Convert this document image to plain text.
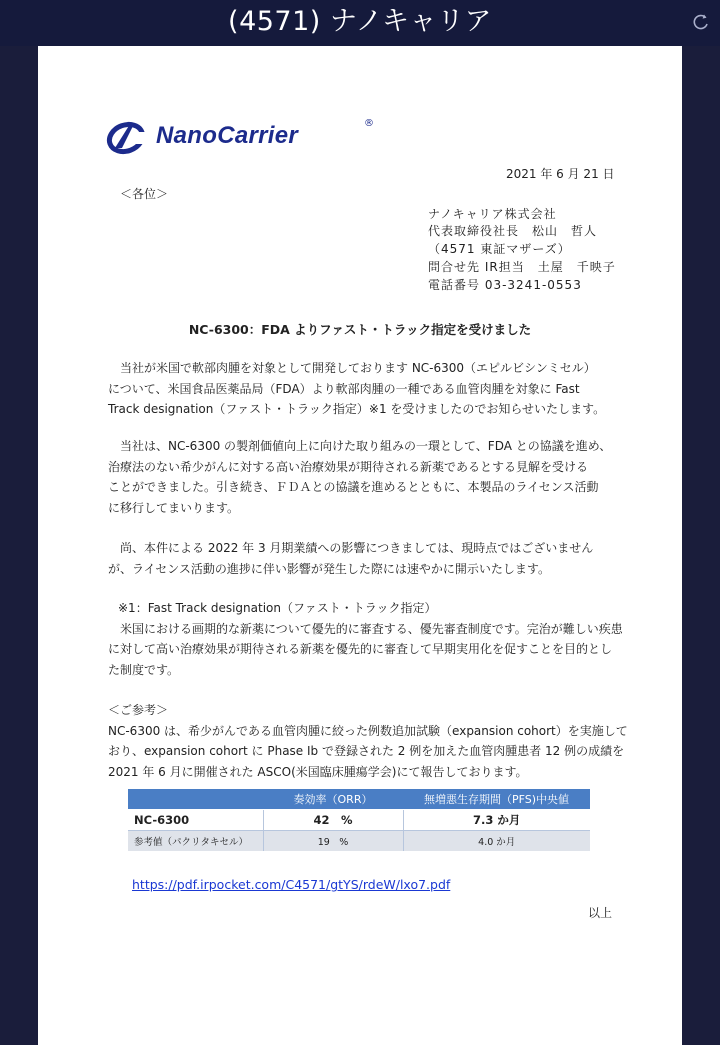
(4571) ナノキャリア
NanoCarrier	®
2021 年 6 月 21 日
＜各位＞
ナノキャリア株式会社
代表取締役社長　松山　哲人
（4571 東証マザーズ）
問合せ先 IR担当　土屋　千映子
電話番号 03-3241-0553
NC-6300：FDA よりファスト・トラック指定を受けました
当社が米国で軟部肉腫を対象として開発しております NC-6300（エピルビシンミセル）
について、米国食品医薬品局（FDA）より軟部肉腫の一種である血管肉腫を対象に Fast
Track designation（ファスト・トラック指定）※1 を受けましたのでお知らせいたします。
当社は、NC-6300 の製剤価値向上に向けた取り組みの一環として、FDA との協議を進め、
治療法のない希少がんに対する高い治療効果が期待される新薬であるとする見解を受ける
ことができました。引き続き、ＦＤＡとの協議を進めるとともに、本製品のライセンス活動
に移行してまいります。
尚、本件による 2022 年 3 月期業績への影響につきましては、現時点ではございません
が、ライセンス活動の進捗に伴い影響が発生した際には速やかに開示いたします。
※1：Fast Track designation（ファスト・トラック指定）
米国における画期的な新薬について優先的に審査する、優先審査制度です。完治が難しい疾患
に対して高い治療効果が期待される新薬を優先的に審査して早期実用化を促すことを目的とし
た制度です。
＜ご参考＞
NC-6300 は、希少がんである血管肉腫に絞った例数追加試験（expansion cohort）を実施して
おり、expansion cohort に Phase Ib で登録された 2 例を加えた血管肉腫患者 12 例の成績を
2021 年 6 月に開催された ASCO(米国臨床腫瘍学会)にて報告しております。
	奏効率（ORR）	無増悪生存期間（PFS)中央値
NC-6300	42　%	7.3 か月
参考値（パクリタキセル）	19　%	4.0 か月
https://pdf.irpocket.com/C4571/gtYS/rdeW/lxo7.pdf
以上
